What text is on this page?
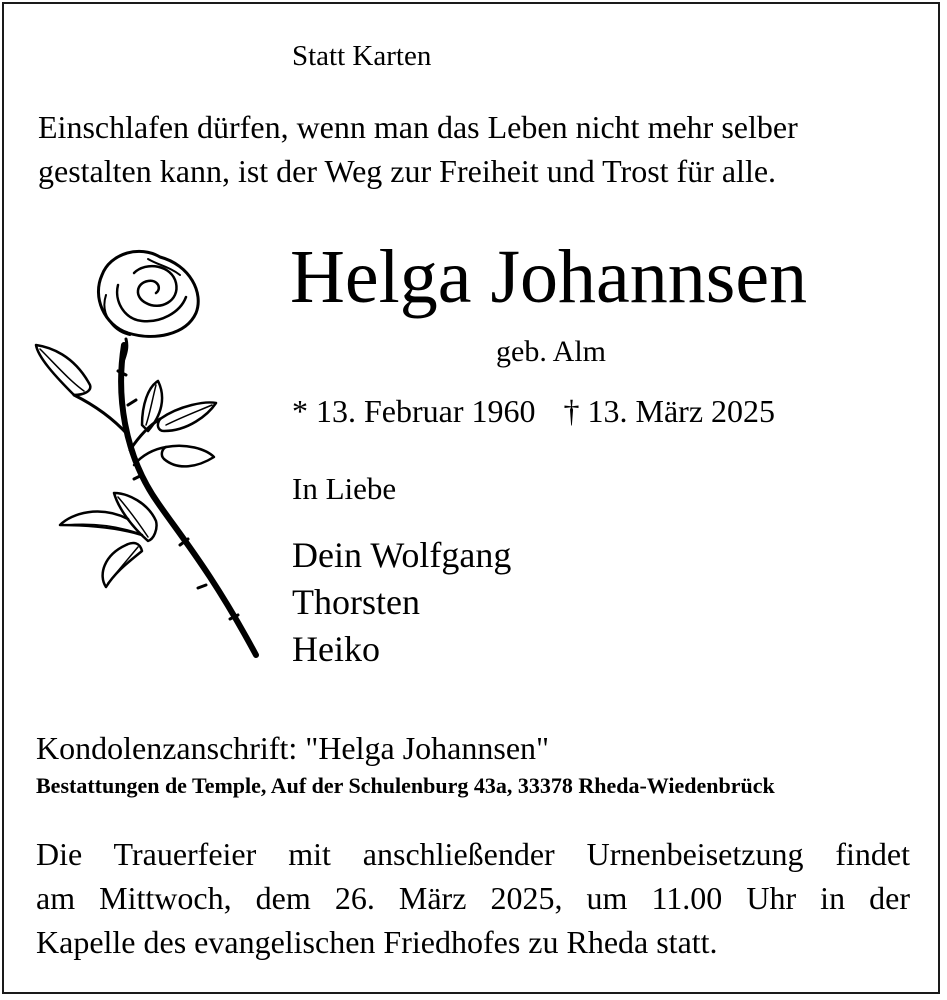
Statt Karten

Einschlafen dürfen, wenn man das Leben nicht mehr selber
gestalten kann, ist der Weg zur Freiheit und Trost für alle.
Helga Johannsen

geb. Alm

* 13. Februar 1960 † 13. März 2025

In Liebe

Dein Wolfgang
Thorsten
Heiko

Kondolenzanschrift: "Helga Johannsen"

Bestattungen de Temple, Auf der Schulenburg 43a, 33378 Rheda-Wiedenbrück

Die Trauerfeier mit anschließender Urnenbeisetzung findet
am Mittwoch, dem 26. März 2025, um 11.00 Uhr in der
Kapelle des evangelischen Friedhofes zu Rheda statt.
